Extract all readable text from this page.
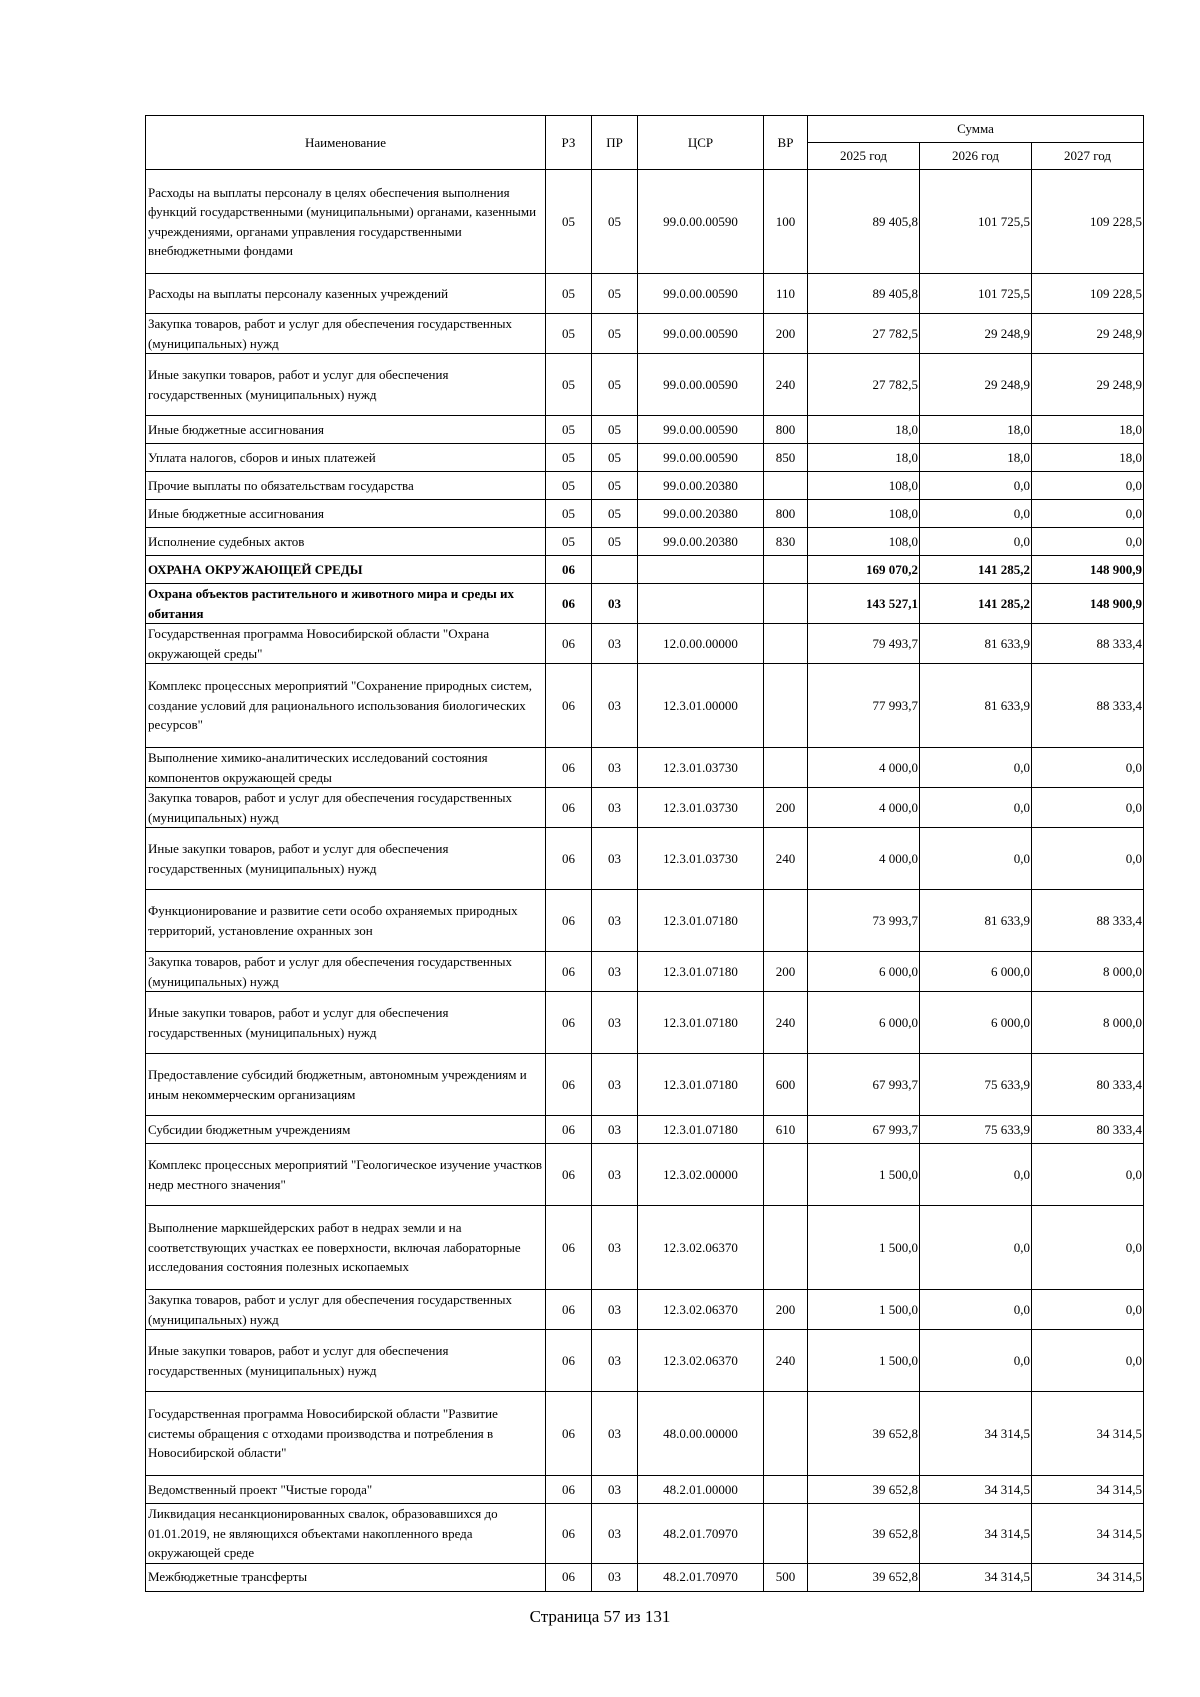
Наименование	РЗ	ПР	ЦСР	ВР	Сумма		
					2025 год	2026 год	2027 год
Расходы на выплаты персоналу в целях обеспечения выполнения функций государственными (муниципальными) органами, казенными учреждениями, органами управления государственными внебюджетными фондами	05	05	99.0.00.00590	100	89 405,8	101 725,5	109 228,5
Расходы на выплаты персоналу казенных учреждений	05	05	99.0.00.00590	110	89 405,8	101 725,5	109 228,5
Закупка товаров, работ и услуг для обеспечения государственных (муниципальных) нужд	05	05	99.0.00.00590	200	27 782,5	29 248,9	29 248,9
Иные закупки товаров, работ и услуг для обеспечения государственных (муниципальных) нужд	05	05	99.0.00.00590	240	27 782,5	29 248,9	29 248,9
Иные бюджетные ассигнования	05	05	99.0.00.00590	800	18,0	18,0	18,0
Уплата налогов, сборов и иных платежей	05	05	99.0.00.00590	850	18,0	18,0	18,0
Прочие выплаты по обязательствам государства	05	05	99.0.00.20380		108,0	0,0	0,0
Иные бюджетные ассигнования	05	05	99.0.00.20380	800	108,0	0,0	0,0
Исполнение судебных актов	05	05	99.0.00.20380	830	108,0	0,0	0,0
ОХРАНА ОКРУЖАЮЩЕЙ СРЕДЫ	06				169 070,2	141 285,2	148 900,9
Охрана объектов растительного и животного мира и среды их обитания	06	03			143 527,1	141 285,2	148 900,9
Государственная программа Новосибирской области "Охрана окружающей среды"	06	03	12.0.00.00000		79 493,7	81 633,9	88 333,4
Комплекс процессных мероприятий "Сохранение природных систем, создание условий для рационального использования биологических ресурсов"	06	03	12.3.01.00000		77 993,7	81 633,9	88 333,4
Выполнение химико-аналитических исследований состояния компонентов окружающей среды	06	03	12.3.01.03730		4 000,0	0,0	0,0
Закупка товаров, работ и услуг для обеспечения государственных (муниципальных) нужд	06	03	12.3.01.03730	200	4 000,0	0,0	0,0
Иные закупки товаров, работ и услуг для обеспечения государственных (муниципальных) нужд	06	03	12.3.01.03730	240	4 000,0	0,0	0,0
Функционирование и развитие сети особо охраняемых природных территорий, установление охранных зон	06	03	12.3.01.07180		73 993,7	81 633,9	88 333,4
Закупка товаров, работ и услуг для обеспечения государственных (муниципальных) нужд	06	03	12.3.01.07180	200	6 000,0	6 000,0	8 000,0
Иные закупки товаров, работ и услуг для обеспечения государственных (муниципальных) нужд	06	03	12.3.01.07180	240	6 000,0	6 000,0	8 000,0
Предоставление субсидий бюджетным, автономным учреждениям и иным некоммерческим организациям	06	03	12.3.01.07180	600	67 993,7	75 633,9	80 333,4
Субсидии бюджетным учреждениям	06	03	12.3.01.07180	610	67 993,7	75 633,9	80 333,4
Комплекс процессных мероприятий "Геологическое изучение участков недр местного значения"	06	03	12.3.02.00000		1 500,0	0,0	0,0
Выполнение маркшейдерских работ в недрах земли и на соответствующих участках ее поверхности, включая лабораторные исследования состояния полезных ископаемых	06	03	12.3.02.06370		1 500,0	0,0	0,0
Закупка товаров, работ и услуг для обеспечения государственных (муниципальных) нужд	06	03	12.3.02.06370	200	1 500,0	0,0	0,0
Иные закупки товаров, работ и услуг для обеспечения государственных (муниципальных) нужд	06	03	12.3.02.06370	240	1 500,0	0,0	0,0
Государственная программа Новосибирской области "Развитие системы обращения с отходами производства и потребления в Новосибирской области"	06	03	48.0.00.00000		39 652,8	34 314,5	34 314,5
Ведомственный проект "Чистые города"	06	03	48.2.01.00000		39 652,8	34 314,5	34 314,5
Ликвидация несанкционированных свалок, образовавшихся до 01.01.2019, не являющихся объектами накопленного вреда окружающей среде	06	03	48.2.01.70970		39 652,8	34 314,5	34 314,5
Межбюджетные трансферты	06	03	48.2.01.70970	500	39 652,8	34 314,5	34 314,5
Страница 57 из 131
